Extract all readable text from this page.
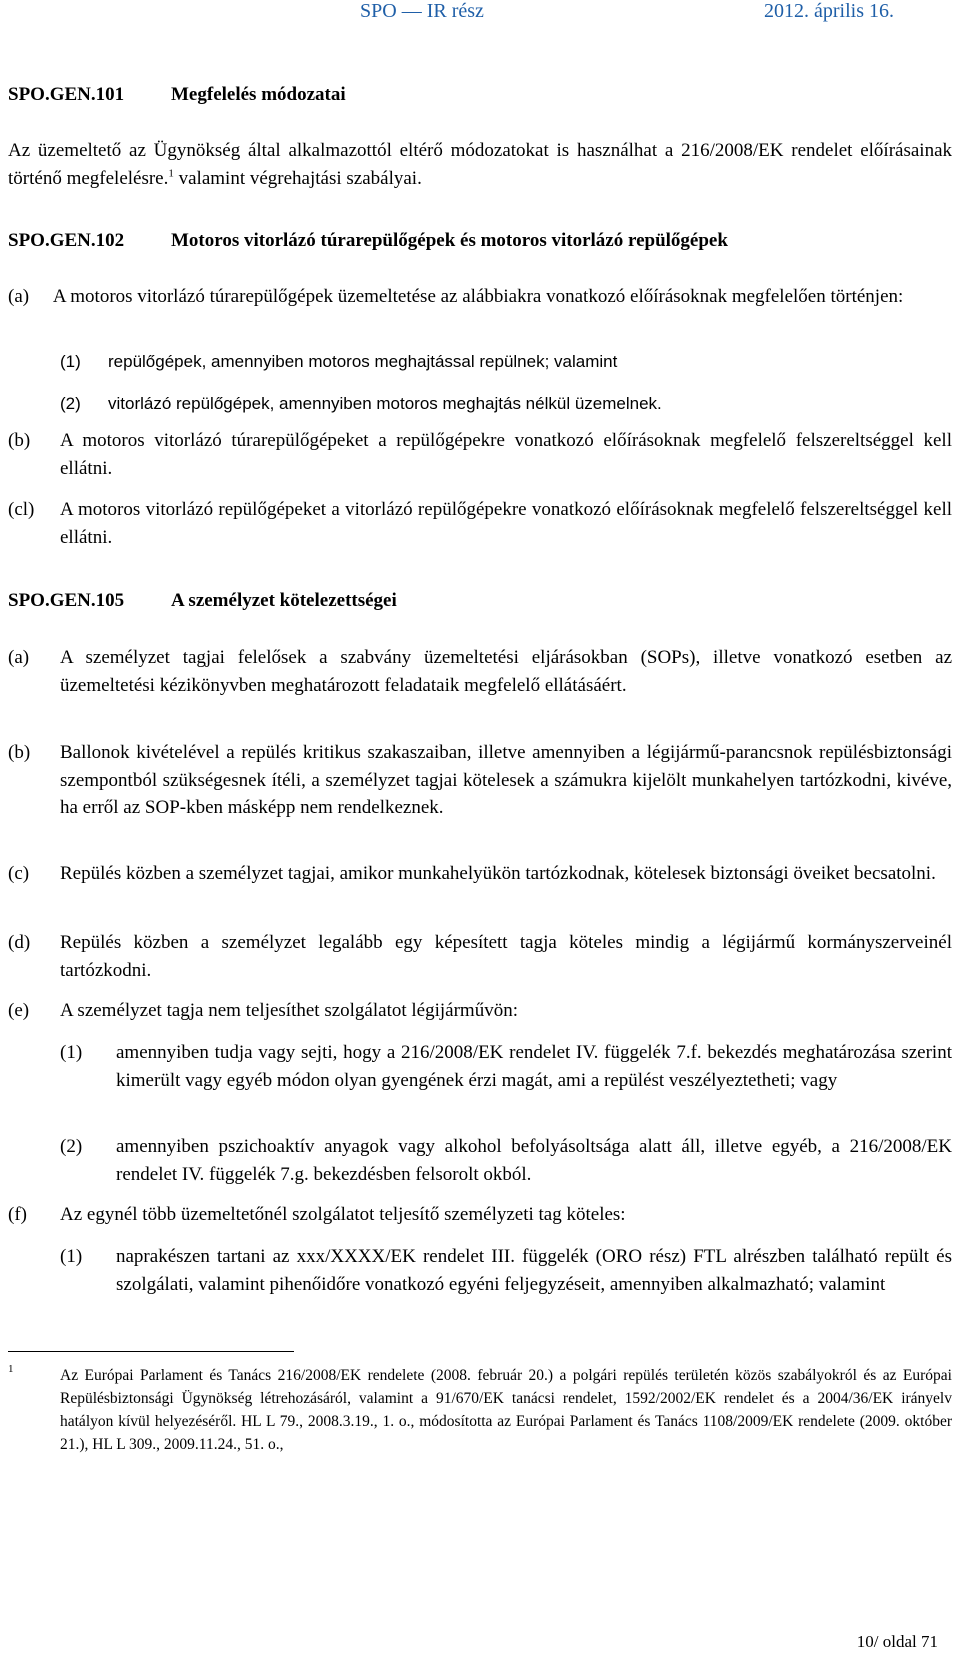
SPO — IR rész	2012. április 16.
SPO.GEN.101 Megfelelés módozatai
Az üzemeltető az Ügynökség által alkalmazottól eltérő módozatokat is használhat a 216/2008/EK rendelet előírásainak történő megfelelésre.$^1$ valamint végrehajtási szabályai.
SPO.GEN.102 Motoros vitorlázó túrarepülőgépek és motoros vitorlázó repülőgépek
(a) A motoros vitorlázó túrarepülőgépek üzemeltetése az alábbiakra vonatkozó előírásoknak megfelelően történjen:
(1) repülőgépek, amennyiben motoros meghajtással repülnek; valamint
(2) vitorlázó repülőgépek, amennyiben motoros meghajtás nélkül üzemelnek.
(b) A motoros vitorlázó túrarepülőgépeket a repülőgépekre vonatkozó előírásoknak megfelelő felszereltséggel kell ellátni.
(cl) A motoros vitorlázó repülőgépeket a vitorlázó repülőgépekre vonatkozó előírásoknak megfelelő felszereltséggel kell ellátni.
SPO.GEN.105 A személyzet kötelezettségei
(a) A személyzet tagjai felelősek a szabvány üzemeltetési eljárásokban (SOPs), illetve vonatkozó esetben az üzemeltetési kézikönyvben meghatározott feladataik megfelelő ellátásáért.
(b) Ballonok kivételével a repülés kritikus szakaszaiban, illetve amennyiben a légijármű-parancsnok repülésbiztonsági szempontból szükségesnek ítéli, a személyzet tagjai kötelesek a számukra kijelölt munkahelyen tartózkodni, kivéve, ha erről az SOP-kben másképp nem rendelkeznek.
(c) Repülés közben a személyzet tagjai, amikor munkahelyükön tartózkodnak, kötelesek biztonsági öveiket becsatolni.
(d) Repülés közben a személyzet legalább egy képesített tagja köteles mindig a légijármű kormányszerveinél tartózkodni.
(e) A személyzet tagja nem teljesíthet szolgálatot légijárművön:
(1) amennyiben tudja vagy sejti, hogy a 216/2008/EK rendelet IV. függelék 7.f. bekezdés meghatározása szerint kimerült vagy egyéb módon olyan gyengének érzi magát, ami a repülést veszélyeztetheti; vagy
(2) amennyiben pszichoaktív anyagok vagy alkohol befolyásoltsága alatt áll, illetve egyéb, a 216/2008/EK rendelet IV. függelék 7.g. bekezdésben felsorolt okból.
(f) Az egynél több üzemeltetőnél szolgálatot teljesítő személyzeti tag köteles:
(1) naprakészen tartani az xxx/XXXX/EK rendelet III. függelék (ORO rész) FTL alrészben található repült és szolgálati, valamint pihenőidőre vonatkozó egyéni feljegyzéseit, amennyiben alkalmazható; valamint
1	Az Európai Parlament és Tanács 216/2008/EK rendelete (2008. február 20.) a polgári repülés területén közös szabályokról és az Európai Repülésbiztonsági Ügynökség létrehozásáról, valamint a 91/670/EK tanácsi rendelet, 1592/2002/EK rendelet és a 2004/36/EK irányelv hatályon kívül helyezéséről. HL L 79., 2008.3.19., 1. o., módosította az Európai Parlament és Tanács 1108/2009/EK rendelete (2009. október 21.), HL L 309., 2009.11.24., 51. o.,
10/ oldal 71
